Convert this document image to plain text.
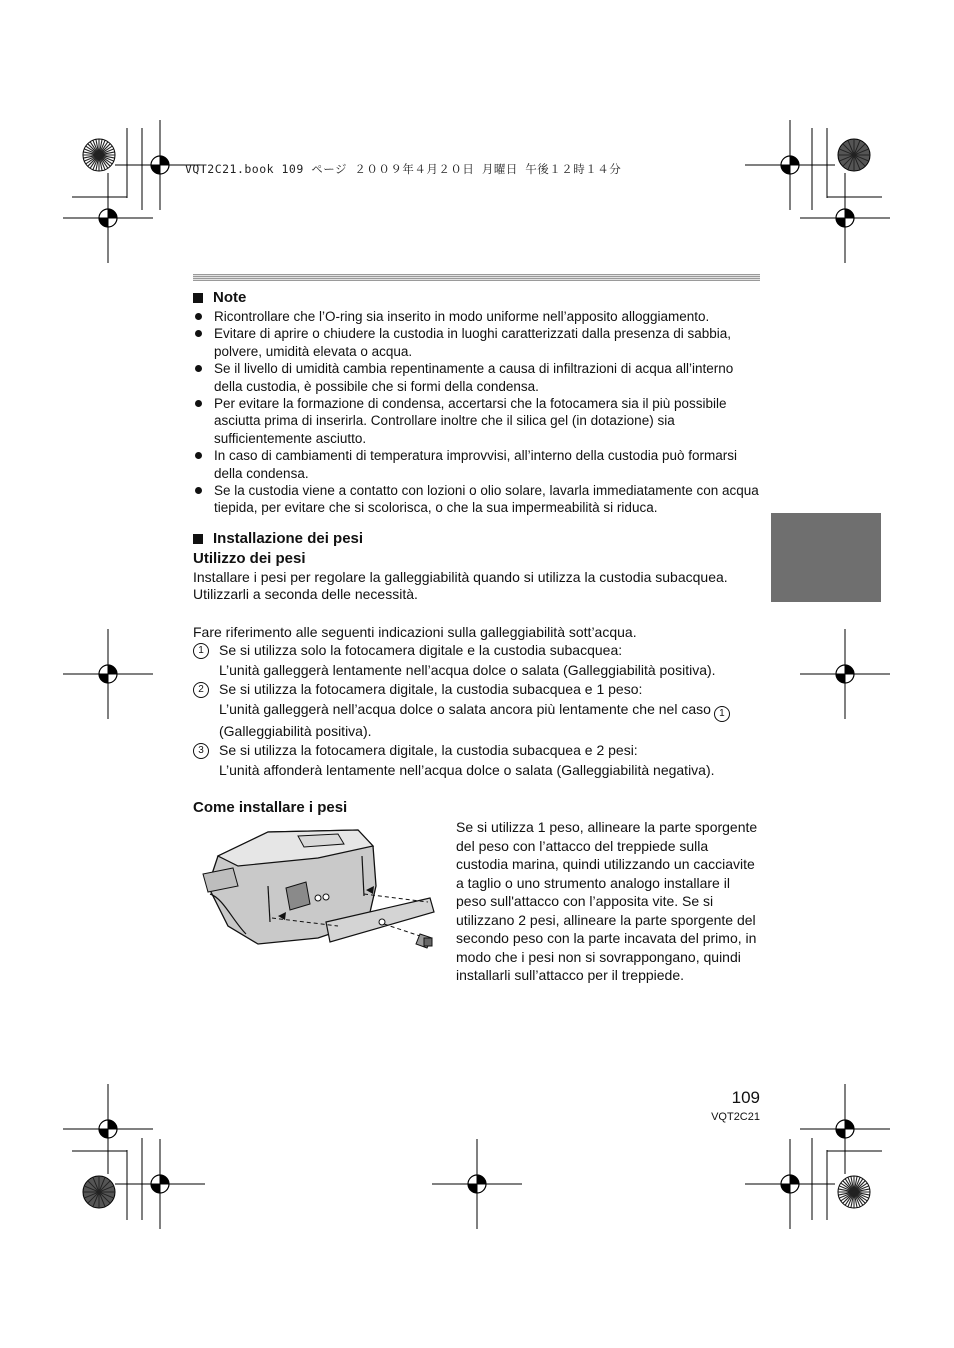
VQT2C21.book 109 ページ ２００９年４月２０日 月曜日 午後１２時１４分
Note
Ricontrollare che l’O-ring sia inserito in modo uniforme nell’apposito alloggiamento.
Evitare di aprire o chiudere la custodia in luoghi caratterizzati dalla presenza di sabbia, polvere, umidità elevata o acqua.
Se il livello di umidità cambia repentinamente a causa di infiltrazioni di acqua all’interno della custodia, è possibile che si formi della condensa.
Per evitare la formazione di condensa, accertarsi che la fotocamera sia il più possibile asciutta prima di inserirla. Controllare inoltre che il silica gel (in dotazione) sia sufficientemente asciutto.
In caso di cambiamenti di temperatura improvvisi, all’interno della custodia può formarsi della condensa.
Se la custodia viene a contatto con lozioni o olio solare, lavarla immediatamente con acqua tiepida, per evitare che si scolorisca, o che la sua impermeabilità si riduca.
Installazione dei pesi
Utilizzo dei pesi

Installare i pesi per regolare la galleggiabilità quando si utilizza la custodia subacquea. Utilizzarli a seconda delle necessità.

Fare riferimento alle seguenti indicazioni sulla galleggiabilità sott’acqua.

1	Se si utilizza solo la fotocamera digitale e la custodia subacquea:
L’unità galleggerà lentamente nell’acqua dolce o salata (Galleggiabilità positiva).
2	Se si utilizza la fotocamera digitale, la custodia subacquea e 1 peso:
L’unità galleggerà nell’acqua dolce o salata ancora più lentamente che nel caso 1
(Galleggiabilità positiva).
3	Se si utilizza la fotocamera digitale, la custodia subacquea e 2 pesi:
L’unità affonderà lentamente nell’acqua dolce o salata (Galleggiabilità negativa).
Come installare i pesi
Se si utilizza 1 peso, allineare la parte sporgente del peso con l’attacco del treppiede sulla custodia marina, quindi utilizzando un cacciavite a taglio o uno strumento analogo installare il peso sull'attacco con l’apposita vite. Se si utilizzano 2 pesi, allineare la parte sporgente del secondo peso con la parte incavata del primo, in modo che i pesi non si sovrappongano, quindi installarli sull’attacco per il treppiede.
109
VQT2C21
